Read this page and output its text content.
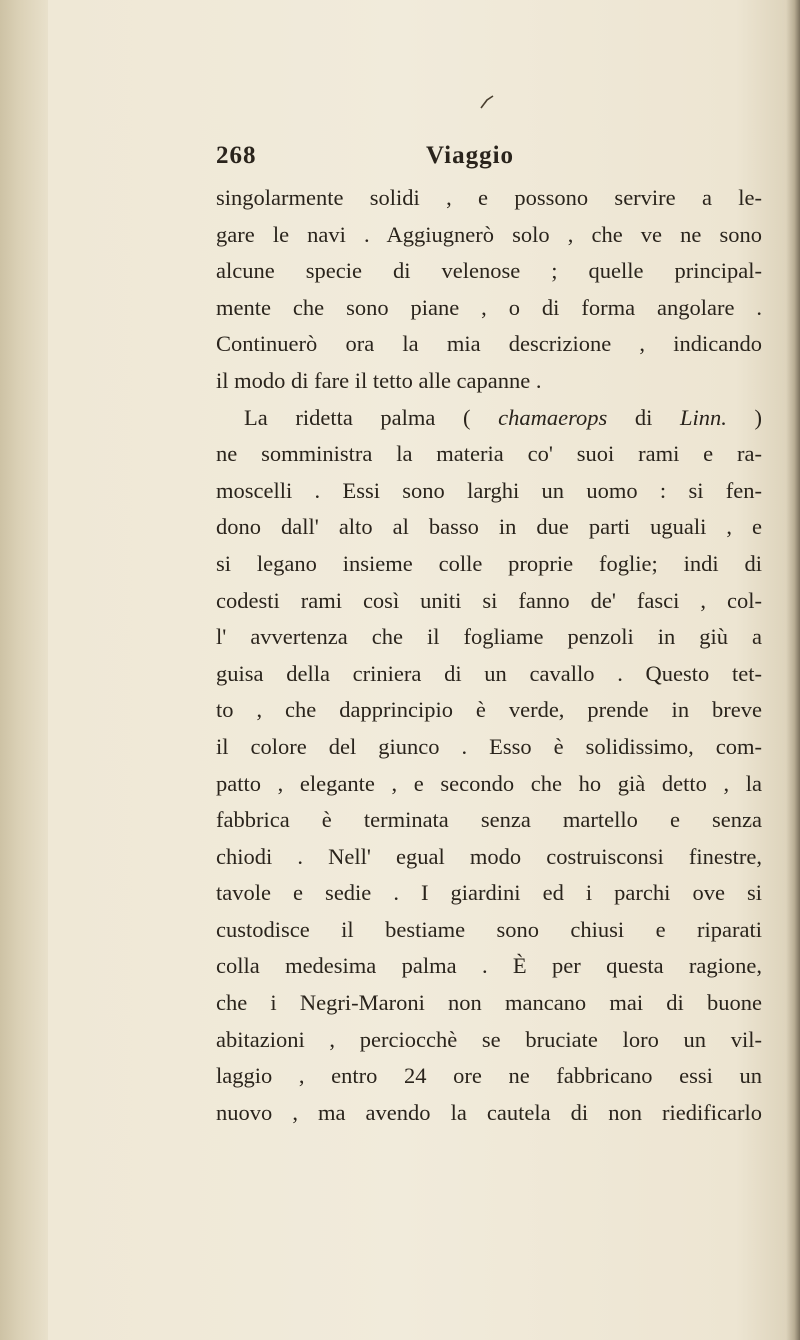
268	Viaggio
singolarmente solidi , e possono servire a le-
gare le navi . Aggiugnerò solo , che ve ne sono
alcune specie di velenose ; quelle principal-
mente che sono piane , o di forma angolare .
Continuerò ora la mia descrizione , indicando
il modo di fare il tetto alle capanne .
La ridetta palma ( chamaerops di Linn. )
ne somministra la materia co' suoi rami e ra-
moscelli . Essi sono larghi un uomo : si fen-
dono dall' alto al basso in due parti uguali , e
si legano insieme colle proprie foglie; indi di
codesti rami così uniti si fanno de' fasci , col-
l' avvertenza che il fogliame penzoli in giù a
guisa della criniera di un cavallo . Questo tet-
to , che dapprincipio è verde, prende in breve
il colore del giunco . Esso è solidissimo, com-
patto , elegante , e secondo che ho già detto , la
fabbrica è terminata senza martello e senza
chiodi . Nell' egual modo costruisconsi finestre,
tavole e sedie . I giardini ed i parchi ove si
custodisce il bestiame sono chiusi e riparati
colla medesima palma . È per questa ragione,
che i Negri-Maroni non mancano mai di buone
abitazioni , perciocchè se bruciate loro un vil-
laggio , entro 24 ore ne fabbricano essi un
nuovo , ma avendo la cautela di non riedificarlo
